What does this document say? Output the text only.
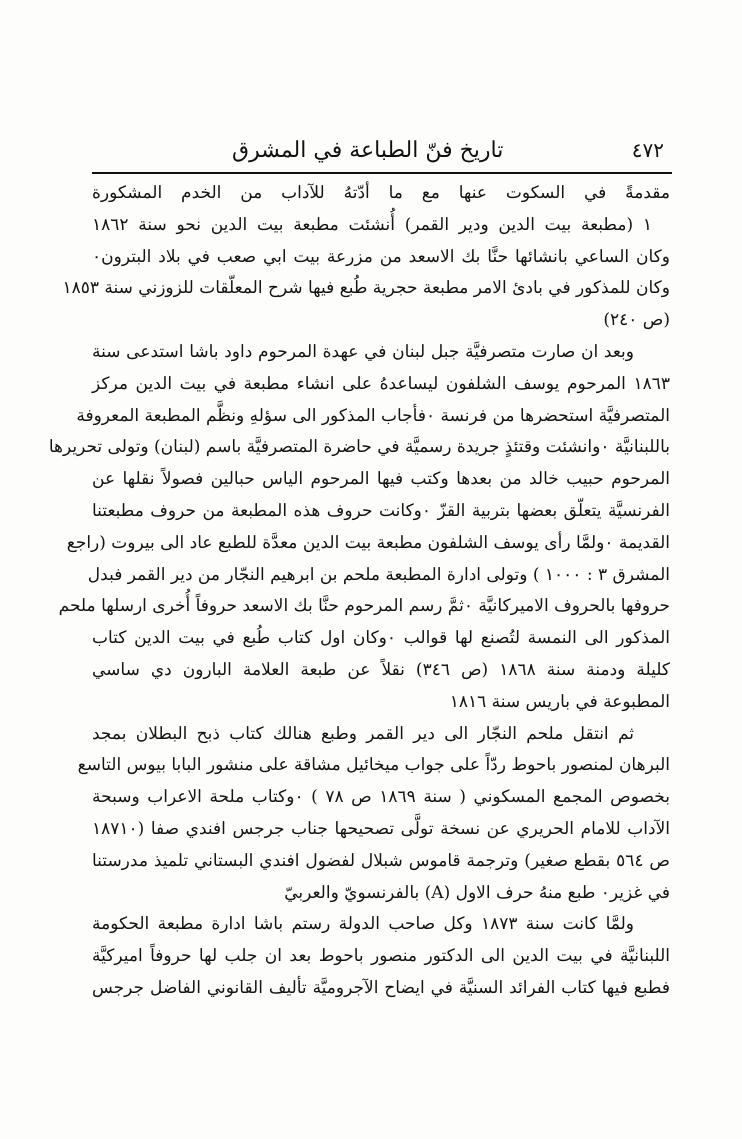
٤٧٢
تاريخ فنّ الطباعة في المشرق
مقدمةً في السكوت عنها مع ما أدّتهُ للآداب من الخدم المشكورة
١ (مطبعة بيت الدين ودير القمر) أُنشئت مطبعة بيت الدين نحو سنة ١٨٦٢
وكان الساعي بانشائها حنَّا بك الاسعد من مزرعة بيت ابي صعب في بلاد البترون٠
وكان للمذكور في بادئ الامر مطبعة حجرية طُبع فيها شرح المعلّقات للزوزني سنة ١٨٥٣
(ص ٢٤٠)
وبعد ان صارت متصرفيَّة جبل لبنان في عهدة المرحوم داود باشا استدعى سنة
١٨٦٣ المرحوم يوسف الشلفون ليساعدهُ على انشاء مطبعة في بيت الدين مركز
المتصرفيَّة استحضرها من فرنسة ٠فأجاب المذكور الى سؤلهِ ونظَّم المطبعة المعروفة
باللبنانيَّة ٠وانشئت وقتئذٍ جريدة رسميَّة في حاضرة المتصرفيَّة باسم (لبنان) وتولى تحريرها
المرحوم حبيب خالد من بعدها وكتب فيها المرحوم الياس حبالين فصولاً نقلها عن
الفرنسيَّة يتعلّق بعضها بتربية القزّ ٠وكانت حروف هذه المطبعة من حروف مطبعتنا
القديمة ٠ولمَّا رأى يوسف الشلفون مطبعة بيت الدين معدَّة للطبع عاد الى بيروت (راجع
المشرق ٣ : ١٠٠٠ ) وتولى ادارة المطبعة ملحم بن ابرهيم النجّار من دير القمر فبدل
حروفها بالحروف الاميركانيَّة ٠ثمَّ رسم المرحوم حنَّا بك الاسعد حروفاً أُخرى ارسلها ملحم
المذكور الى النمسة لتُصنع لها قوالب ٠وكان اول كتاب طُبع في بيت الدين كتاب
كليلة ودمنة سنة ١٨٦٨ (ص ٣٤٦) نقلاً عن طبعة العلامة البارون دي ساسي
المطبوعة في باريس سنة ١٨١٦
ثم انتقل ملحم النجّار الى دير القمر وطبع هنالك كتاب ذبح البطلان بمجد
البرهان لمنصور باحوط ردّاً على جواب ميخائيل مشاقة على منشور البابا بيوس التاسع
بخصوص المجمع المسكوني ( سنة ١٨٦٩ ص ٧٨ ) ٠وكتاب ملحة الاعراب وسبحة
الآداب للامام الحريري عن نسخة تولَّى تصحيحها جناب جرجس افندي صفا (١٨٧١٠
ص ٥٦٤ بقطع صغير) وترجمة قاموس شبلال لفضول افندي البستاني تلميذ مدرستنا
في غزير٠ طبع منهُ حرف الاول (A) بالفرنسويّ والعربيّ
ولمَّا كانت سنة ١٨٧٣ وكل صاحب الدولة رستم باشا ادارة مطبعة الحكومة
اللبنانيَّة في بيت الدين الى الدكتور منصور باحوط بعد ان جلب لها حروفاً اميركيَّة
فطبع فيها كتاب الفرائد السنيَّة في ايضاح الآجروميَّة تأليف القانوني الفاضل جرجس
